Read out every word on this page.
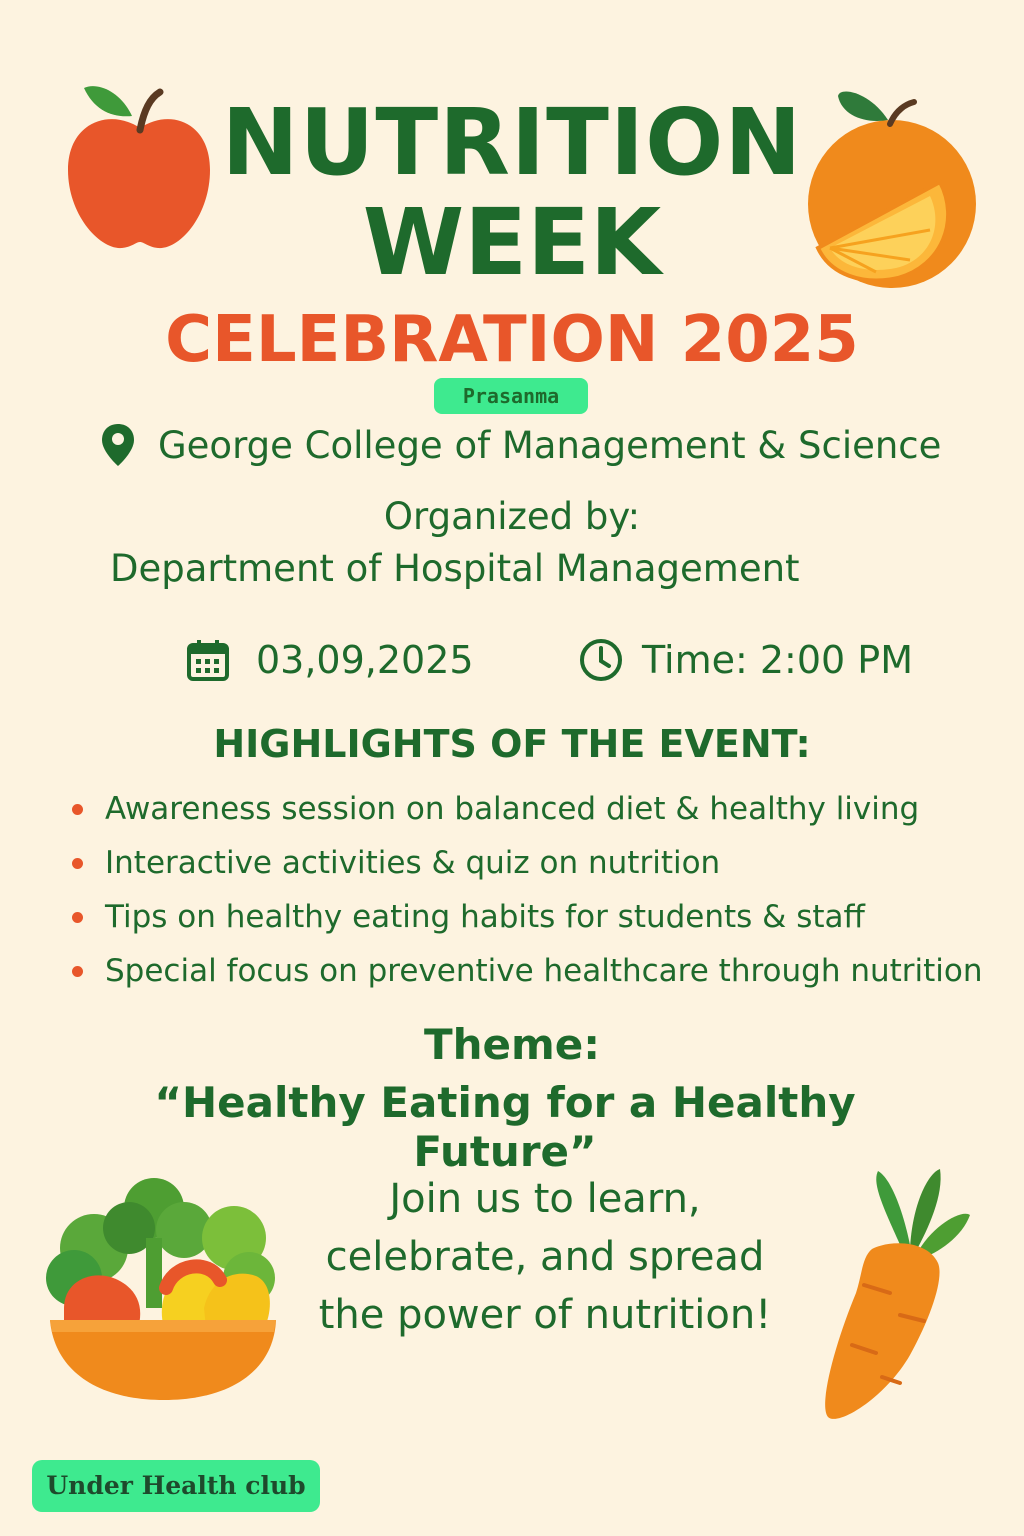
NUTRITION
WEEK
CELEBRATION 2025
Prasanma
George College of Management & Science
Organized by:
Department of Hospital Management
03,09,2025	Time: 2:00 PM
HIGHLIGHTS OF THE EVENT:
Awareness session on balanced diet & healthy living
Interactive activities & quiz on nutrition
Tips on healthy eating habits for students & staff
Special focus on preventive healthcare through nutrition
Theme:
“Healthy Eating for a Healthy Future”
Join us to learn,
celebrate, and spread
the power of nutrition!
Under Health club
